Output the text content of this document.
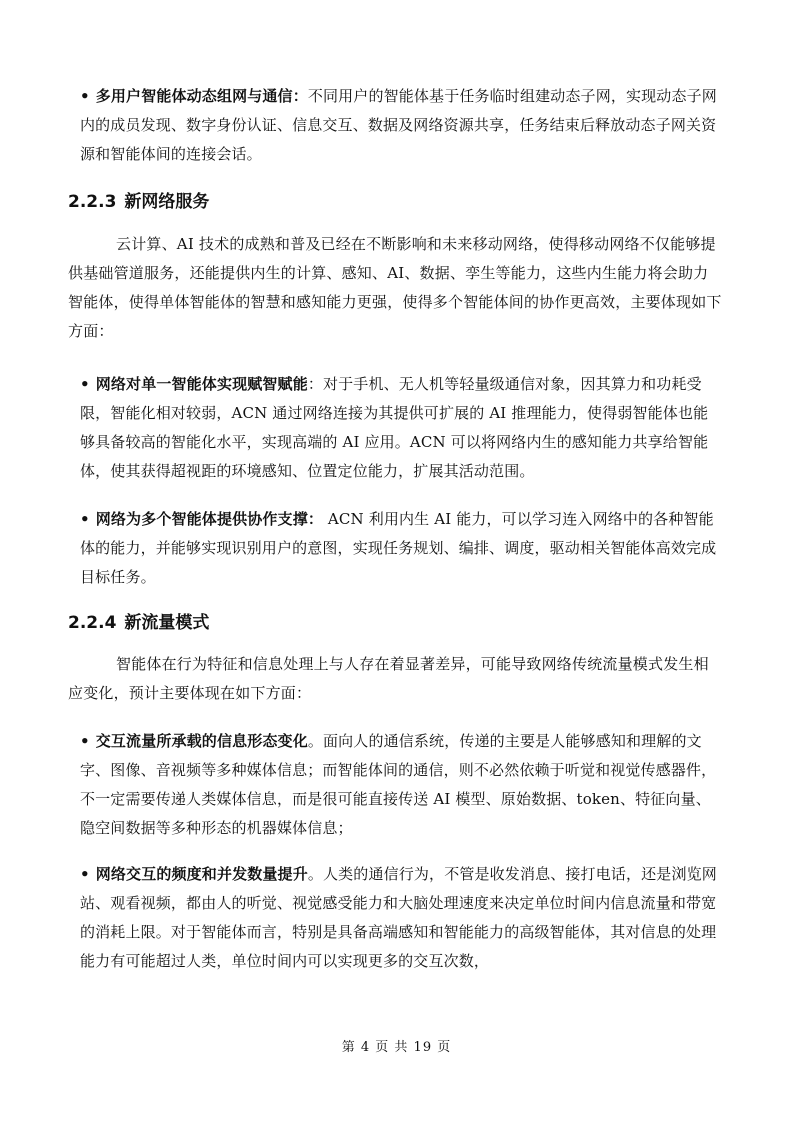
• 多用户智能体动态组网与通信：不同用户的智能体基于任务临时组建动态子网，实现动态子网内的成员发现、数字身份认证、信息交互、数据及网络资源共享，任务结束后释放动态子网关资源和智能体间的连接会话。
2.2.3 新网络服务
云计算、AI 技术的成熟和普及已经在不断影响和未来移动网络，使得移动网络不仅能够提供基础管道服务，还能提供内生的计算、感知、AI、数据、孪生等能力，这些内生能力将会助力智能体，使得单体智能体的智慧和感知能力更强，使得多个智能体间的协作更高效，主要体现如下方面：
• 网络对单一智能体实现赋智赋能：对于手机、无人机等轻量级通信对象，因其算力和功耗受限，智能化相对较弱，ACN 通过网络连接为其提供可扩展的 AI 推理能力，使得弱智能体也能够具备较高的智能化水平，实现高端的 AI 应用。ACN 可以将网络内生的感知能力共享给智能体，使其获得超视距的环境感知、位置定位能力，扩展其活动范围。
• 网络为多个智能体提供协作支撑： ACN 利用内生 AI 能力，可以学习连入网络中的各种智能体的能力，并能够实现识别用户的意图，实现任务规划、编排、调度，驱动相关智能体高效完成目标任务。
2.2.4 新流量模式
智能体在行为特征和信息处理上与人存在着显著差异，可能导致网络传统流量模式发生相应变化，预计主要体现在如下方面：
• 交互流量所承载的信息形态变化。面向人的通信系统，传递的主要是人能够感知和理解的文字、图像、音视频等多种媒体信息；而智能体间的通信，则不必然依赖于听觉和视觉传感器件，不一定需要传递人类媒体信息，而是很可能直接传送 AI 模型、原始数据、token、特征向量、隐空间数据等多种形态的机器媒体信息；
• 网络交互的频度和并发数量提升。人类的通信行为，不管是收发消息、接打电话，还是浏览网站、观看视频，都由人的听觉、视觉感受能力和大脑处理速度来决定单位时间内信息流量和带宽的消耗上限。对于智能体而言，特别是具备高端感知和智能能力的高级智能体，其对信息的处理能力有可能超过人类，单位时间内可以实现更多的交互次数，
第 4 页 共 19 页
